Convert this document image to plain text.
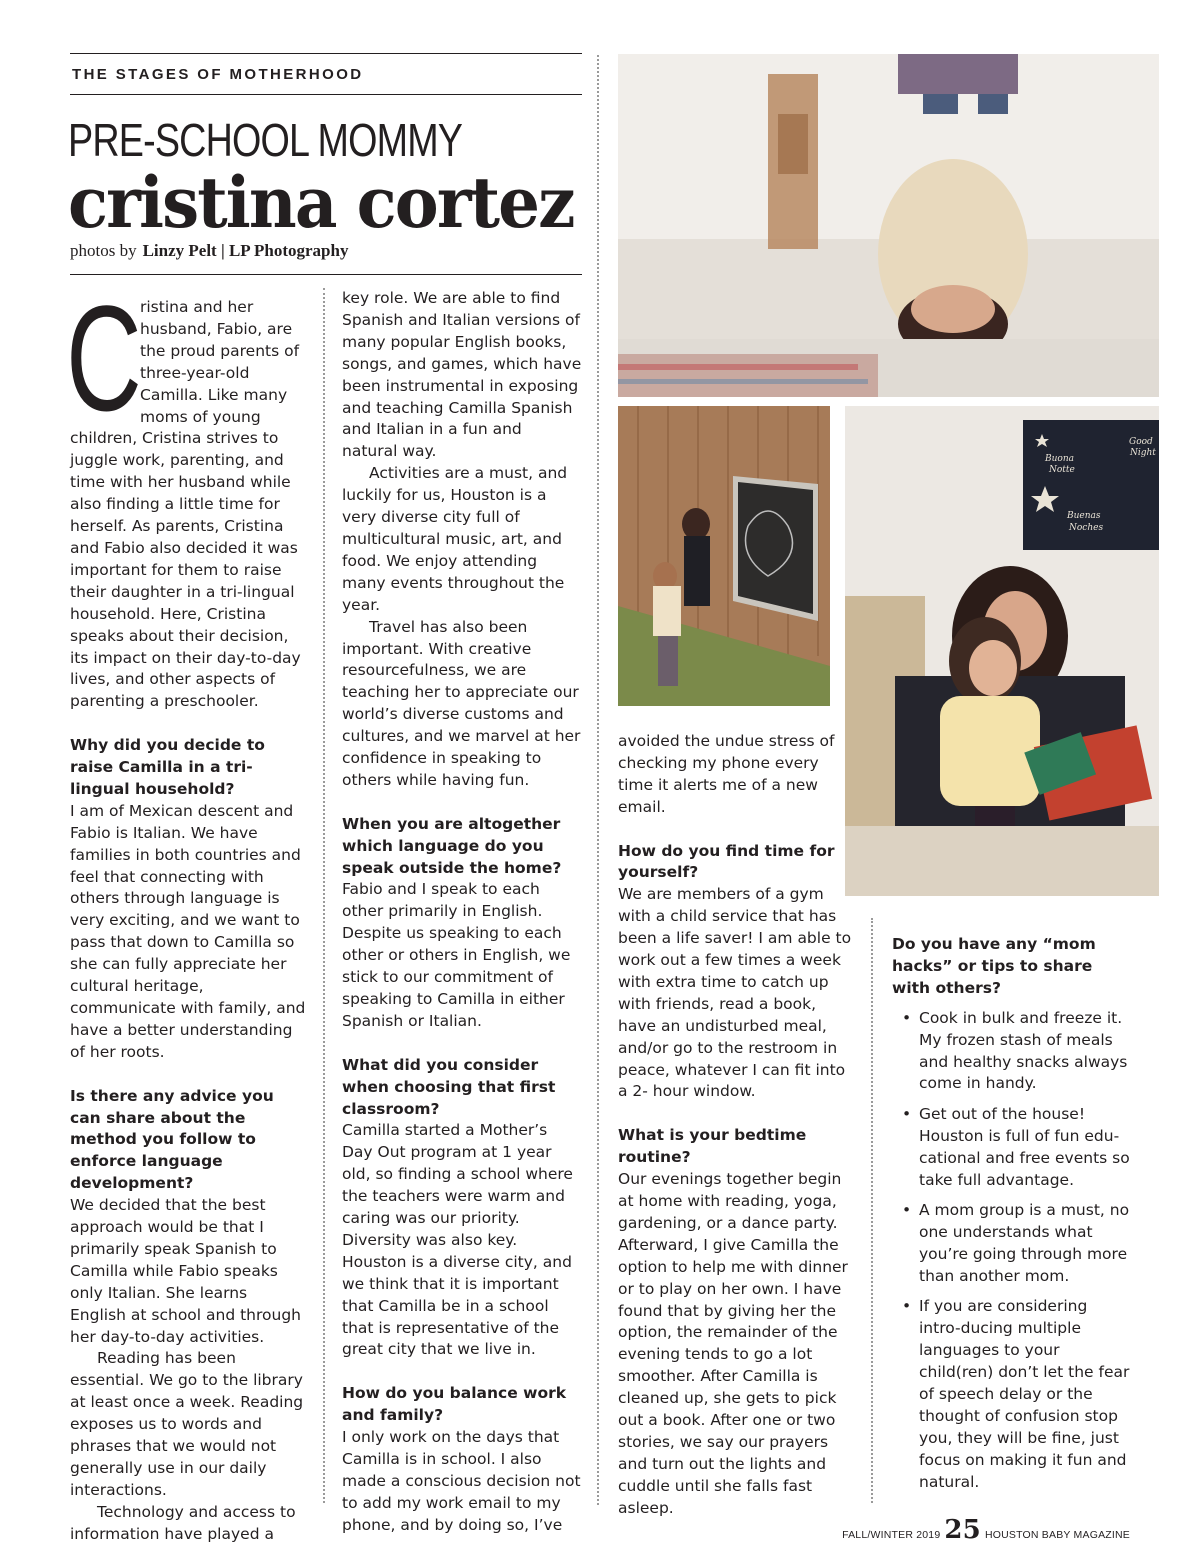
THE STAGES OF MOTHERHOOD
PRE-SCHOOL MOMMY
cristina cortez
photos by Linzy Pelt | LP Photography
C

ristina and her husband, Fabio, are the proud parents of three-year-old Camilla. Like many moms of young children, Cristina strives to juggle work, parenting, and time with her husband while also finding a little time for herself. As parents, Cristina and Fabio also decided it was important for them to raise their daughter in a tri-lingual household. Here, Cristina speaks about their decision, its impact on their day-to-day lives, and other aspects of parenting a preschooler.

Why did you decide to raise Camilla in a tri-lingual household?

I am of Mexican descent and Fabio is Italian. We have families in both countries and feel that connecting with others through language is very exciting, and we want to pass that down to Camilla so she can fully appreciate her cultural heritage, communicate with family, and have a better understanding of her roots.

Is there any advice you can share about the method you follow to enforce language development?

We decided that the best approach would be that I primarily speak Spanish to Camilla while Fabio speaks only Italian. She learns English at school and through her day-to-day activities.

Reading has been essential. We go to the library at least once a week. Reading exposes us to words and phrases that we would not generally use in our daily interactions.

Technology and access to information have played a

key role. We are able to find Spanish and Italian versions of many popular English books, songs, and games, which have been instrumental in exposing and teaching Camilla Spanish and Italian in a fun and natural way.

Activities are a must, and luckily for us, Houston is a very diverse city full of multicultural music, art, and food. We enjoy attending many events throughout the year.

Travel has also been important. With creative resourcefulness, we are teaching her to appreciate our world’s diverse customs and cultures, and we marvel at her confidence in speaking to others while having fun.

When you are altogether which language do you speak outside the home?

Fabio and I speak to each other primarily in English. Despite us speaking to each other or others in English, we stick to our commitment of speaking to Camilla in either Spanish or Italian.

What did you consider when choosing that first classroom?

Camilla started a Mother’s Day Out program at 1 year old, so finding a school where the teachers were warm and caring was our priority. Diversity was also key. Houston is a diverse city, and we think that it is important that Camilla be in a school that is representative of the great city that we live in.

How do you balance work and family?

I only work on the days that Camilla is in school. I also made a conscious decision not to add my work email to my phone, and by doing so, I’ve

avoided the undue stress of checking my phone every time it alerts me of a new email.

How do you find time for yourself?

We are members of a gym with a child service that has been a life saver! I am able to work out a few times a week with extra time to catch up with friends, read a book, have an undisturbed meal, and/or go to the restroom in peace, whatever I can fit into a 2- hour window.

What is your bedtime routine?

Our evenings together begin at home with reading, yoga, gardening, or a dance party. Afterward, I give Camilla the option to help me with dinner or to play on her own. I have found that by giving her the option, the remainder of the evening tends to go a lot smoother. After Camilla is cleaned up, she gets to pick out a book. After one or two stories, we say our prayers and turn out the lights and cuddle until she falls fast asleep.

Do you have any “mom hacks” or tips to share with others?

• Cook in bulk and freeze it. My frozen stash of meals and healthy snacks always come in handy.
• Get out of the house! Houston is full of fun edu-cational and free events so take full advantage.
• A mom group is a must, no one understands what you’re going through more than another mom.
• If you are considering intro-ducing multiple languages to your child(ren) don’t let the fear of speech delay or the thought of confusion stop you, they will be fine, just focus on making it fun and natural.
Buona
Notte
Good
Night
Buenas
Noches
FALL/WINTER 2019 25 HOUSTON BABY MAGAZINE
